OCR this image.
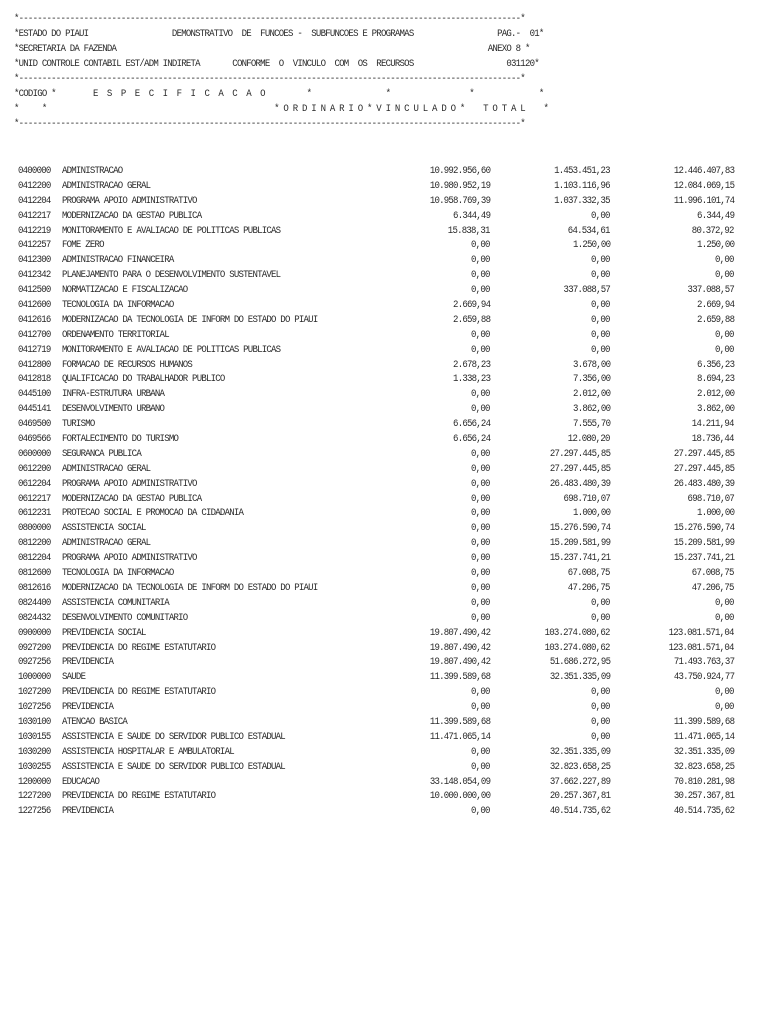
*------------------------------------------------------------------------------------------------------------*
*ESTADO DO PIAUI                  DEMONSTRATIVO  DE  FUNCOES -  SUBFUNCOES E PROGRAMAS                  PAG.-  01*
*SECRETARIA DA FAZENDA                                                                                ANEXO 8 *
*UNID CONTROLE CONTABIL EST/ADM INDIRETA       CONFORME  O  VINCULO  COM  OS  RECURSOS                    031120*
*------------------------------------------------------------------------------------------------------------*
*CODIGO *        E  S  P  E  C  I  F  I  C  A  C  A  O         *                *                 *              *
*     *                                                 * O R D I N A R I O * V I N C U L A D O *    T O T A L    *
*------------------------------------------------------------------------------------------------------------*
0400000 ADMINISTRACAO	10.992.956,60	1.453.451,23	12.446.407,83
0412200 ADMINISTRACAO GERAL	10.980.952,19	1.103.116,96	12.084.069,15
0412204 PROGRAMA APOIO ADMINISTRATIVO	10.958.769,39	1.037.332,35	11.996.101,74
0412217 MODERNIZACAO DA GESTAO PUBLICA	6.344,49	0,00	6.344,49
0412219 MONITORAMENTO E AVALIACAO DE POLITICAS PUBLICAS	15.838,31	64.534,61	80.372,92
0412257 FOME ZERO	0,00	1.250,00	1.250,00
0412300 ADMINISTRACAO FINANCEIRA	0,00	0,00	0,00
0412342 PLANEJAMENTO PARA O DESENVOLVIMENTO SUSTENTAVEL	0,00	0,00	0,00
0412500 NORMATIZACAO E FISCALIZACAO	0,00	337.088,57	337.088,57
0412600 TECNOLOGIA DA INFORMACAO	2.669,94	0,00	2.669,94
0412616 MODERNIZACAO DA TECNOLOGIA DE INFORM DO ESTADO DO PIAUI	2.659,88	0,00	2.659,88
0412700 ORDENAMENTO TERRITORIAL	0,00	0,00	0,00
0412719 MONITORAMENTO E AVALIACAO DE POLITICAS PUBLICAS	0,00	0,00	0,00
0412800 FORMACAO DE RECURSOS HUMANOS	2.678,23	3.678,00	6.356,23
0412818 QUALIFICACAO DO TRABALHADOR PUBLICO	1.338,23	7.356,00	8.694,23
0445100 INFRA-ESTRUTURA URBANA	0,00	2.012,00	2.012,00
0445141 DESENVOLVIMENTO URBANO	0,00	3.862,00	3.862,00
0469500 TURISMO	6.656,24	7.555,70	14.211,94
0469566 FORTALECIMENTO DO TURISMO	6.656,24	12.080,20	18.736,44
0600000 SEGURANCA PUBLICA	0,00	27.297.445,85	27.297.445,85
0612200 ADMINISTRACAO GERAL	0,00	27.297.445,85	27.297.445,85
0612204 PROGRAMA APOIO ADMINISTRATIVO	0,00	26.483.480,39	26.483.480,39
0612217 MODERNIZACAO DA GESTAO PUBLICA	0,00	698.710,07	698.710,07
0612231 PROTECAO SOCIAL E PROMOCAO DA CIDADANIA	0,00	1.000,00	1.000,00
0800000 ASSISTENCIA SOCIAL	0,00	15.276.590,74	15.276.590,74
0812200 ADMINISTRACAO GERAL	0,00	15.209.581,99	15.209.581,99
0812204 PROGRAMA APOIO ADMINISTRATIVO	0,00	15.237.741,21	15.237.741,21
0812600 TECNOLOGIA DA INFORMACAO	0,00	67.008,75	67.008,75
0812616 MODERNIZACAO DA TECNOLOGIA DE INFORM DO ESTADO DO PIAUI	0,00	47.206,75	47.206,75
0824400 ASSISTENCIA COMUNITARIA	0,00	0,00	0,00
0824432 DESENVOLVIMENTO COMUNITARIO	0,00	0,00	0,00
0900000 PREVIDENCIA SOCIAL	19.807.490,42	103.274.080,62	123.081.571,04
0927200 PREVIDENCIA DO REGIME ESTATUTARIO	19.807.490,42	103.274.080,62	123.081.571,04
0927256 PREVIDENCIA	19.807.490,42	51.686.272,95	71.493.763,37
1000000 SAUDE	11.399.589,68	32.351.335,09	43.750.924,77
1027200 PREVIDENCIA DO REGIME ESTATUTARIO	0,00	0,00	0,00
1027256 PREVIDENCIA	0,00	0,00	0,00
1030100 ATENCAO BASICA	11.399.589,68	0,00	11.399.589,68
1030155 ASSISTENCIA E SAUDE DO SERVIDOR PUBLICO ESTADUAL	11.471.065,14	0,00	11.471.065,14
1030200 ASSISTENCIA HOSPITALAR E AMBULATORIAL	0,00	32.351.335,09	32.351.335,09
1030255 ASSISTENCIA E SAUDE DO SERVIDOR PUBLICO ESTADUAL	0,00	32.823.658,25	32.823.658,25
1200000 EDUCACAO	33.148.054,09	37.662.227,89	70.810.281,98
1227200 PREVIDENCIA DO REGIME ESTATUTARIO	10.000.000,00	20.257.367,81	30.257.367,81
1227256 PREVIDENCIA	0,00	40.514.735,62	40.514.735,62
